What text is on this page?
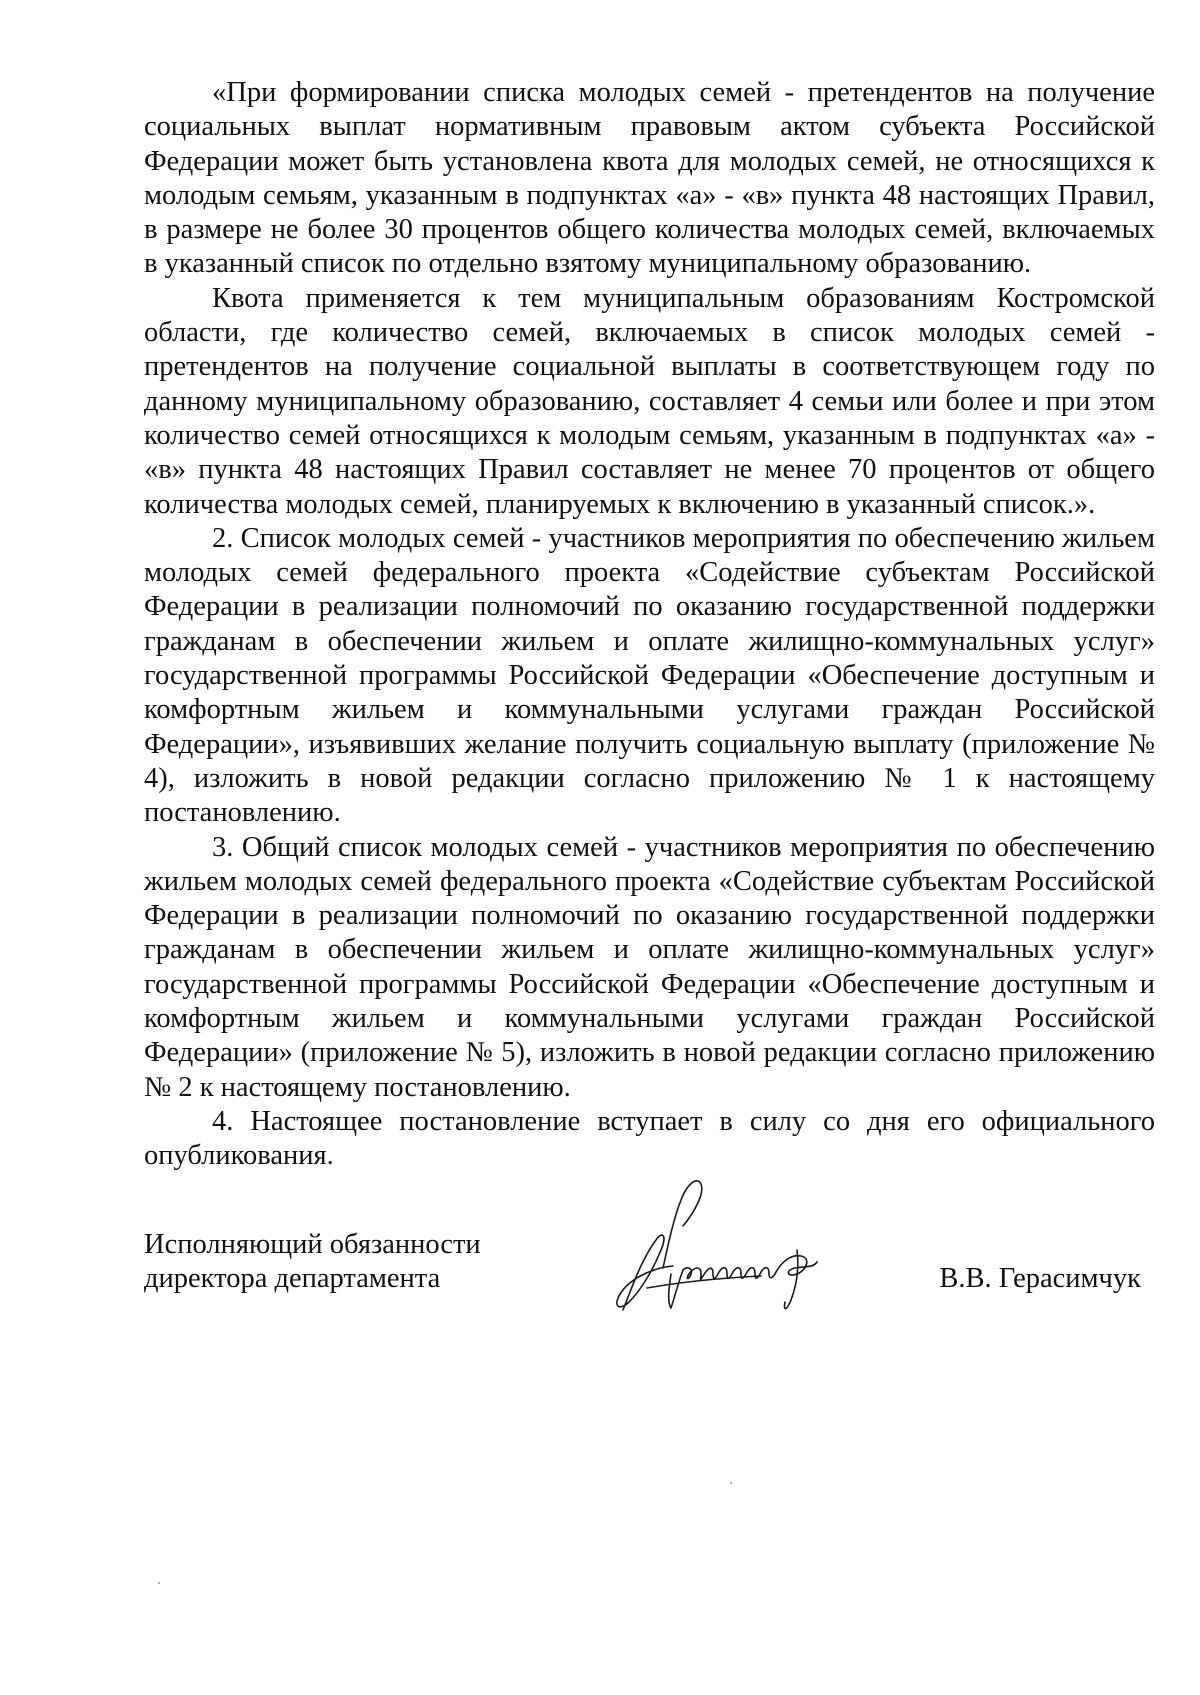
«При формировании списка молодых семей - претендентов на получение социальных выплат нормативным правовым актом субъекта Российской Федерации может быть установлена квота для молодых семей, не относящихся к молодым семьям, указанным в подпунктах «а» - «в» пункта 48 настоящих Правил, в размере не более 30 процентов общего количества молодых семей, включаемых в указанный список по отдельно взятому муниципальному образованию.

Квота применяется к тем муниципальным образованиям Костромской области, где количество семей, включаемых в список молодых семей - претендентов на получение социальной выплаты в соответствующем году по данному муниципальному образованию, составляет 4 семьи или более и при этом количество семей относящихся к молодым семьям, указанным в подпунктах «а» - «в» пункта 48 настоящих Правил составляет не менее 70 процентов от общего количества молодых семей, планируемых к включению в указанный список.».

2. Список молодых семей - участников мероприятия по обеспечению жильем молодых семей федерального проекта «Содействие субъектам Российской Федерации в реализации полномочий по оказанию государственной поддержки гражданам в обеспечении жильем и оплате жилищно-коммунальных услуг» государственной программы Российской Федерации «Обеспечение доступным и комфортным жильем и коммунальными услугами граждан Российской Федерации», изъявивших желание получить социальную выплату (приложение № 4), изложить в новой редакции согласно приложению № 1 к настоящему постановлению.

3. Общий список молодых семей - участников мероприятия по обеспечению жильем молодых семей федерального проекта «Содействие субъектам Российской Федерации в реализации полномочий по оказанию государственной поддержки гражданам в обеспечении жильем и оплате жилищно-коммунальных услуг» государственной программы Российской Федерации «Обеспечение доступным и комфортным жильем и коммунальными услугами граждан Российской Федерации» (приложение № 5), изложить в новой редакции согласно приложению № 2 к настоящему постановлению.

4. Настоящее постановление вступает в силу со дня его официального опубликования.

Исполняющий обязанности
директора департамента	В.В. Герасимчук
